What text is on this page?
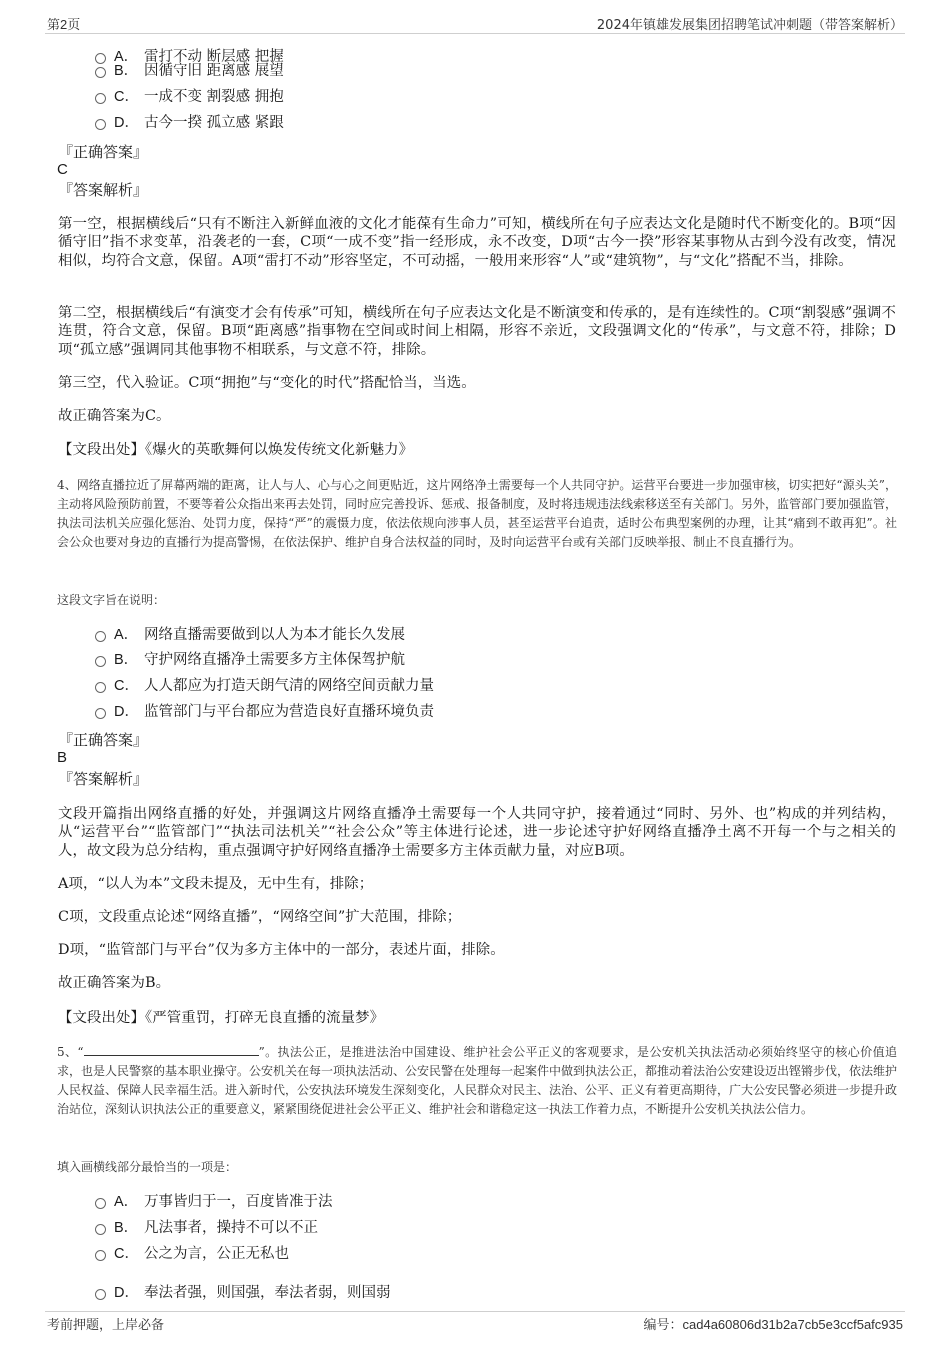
第2页	2024年镇雄发展集团招聘笔试冲刺题（带答案解析）
A． 雷打不动 断层感 把握
B． 因循守旧 距离感 展望
C． 一成不变 割裂感 拥抱
D． 古今一揆 孤立感 紧跟
『正确答案』
C
『答案解析』
第一空，根据横线后“只有不断注入新鲜血液的文化才能葆有生命力”可知，横线所在句子应表达文化是随时代不断变化的。B项“因循守旧”指不求变革，沿袭老的一套，C项“一成不变”指一经形成，永不改变，D项“古今一揆”形容某事物从古到今没有改变，情况相似，均符合文意，保留。A项“雷打不动”形容坚定，不可动摇，一般用来形容“人”或“建筑物”，与“文化”搭配不当，排除。
第二空，根据横线后“有演变才会有传承”可知，横线所在句子应表达文化是不断演变和传承的，是有连续性的。C项“割裂感”强调不连贯，符合文意，保留。B项“距离感”指事物在空间或时间上相隔，形容不亲近，文段强调文化的“传承”，与文意不符，排除；D项“孤立感”强调同其他事物不相联系，与文意不符，排除。
第三空，代入验证。C项“拥抱”与“变化的时代”搭配恰当，当选。
故正确答案为C。
【文段出处】《爆火的英歌舞何以焕发传统文化新魅力》
4、网络直播拉近了屏幕两端的距离，让人与人、心与心之间更贴近，这片网络净土需要每一个人共同守护。运营平台要进一步加强审核，切实把好“源头关”，主动将风险预防前置，不要等着公众指出来再去处罚，同时应完善投诉、惩戒、报备制度，及时将违规违法线索移送至有关部门。另外，监管部门要加强监管，执法司法机关应强化惩治、处罚力度，保持“严”的震慑力度，依法依规向涉事人员，甚至运营平台追责，适时公布典型案例的办理，让其“痛到不敢再犯”。社会公众也要对身边的直播行为提高警惕，在依法保护、维护自身合法权益的同时，及时向运营平台或有关部门反映举报、制止不良直播行为。
这段文字旨在说明：
A． 网络直播需要做到以人为本才能长久发展
B． 守护网络直播净土需要多方主体保驾护航
C． 人人都应为打造天朗气清的网络空间贡献力量
D． 监管部门与平台都应为营造良好直播环境负责
『正确答案』
B
『答案解析』
文段开篇指出网络直播的好处，并强调这片网络直播净土需要每一个人共同守护，接着通过“同时、另外、也”构成的并列结构，从“运营平台”“监管部门”“执法司法机关”“社会公众”等主体进行论述，进一步论述守护好网络直播净土离不开每一个与之相关的人，故文段为总分结构，重点强调守护好网络直播净土需要多方主体贡献力量，对应B项。
A项，“以人为本”文段未提及，无中生有，排除；
C项，文段重点论述“网络直播”，“网络空间”扩大范围，排除；
D项，“监管部门与平台”仅为多方主体中的一部分，表述片面，排除。
故正确答案为B。
【文段出处】《严管重罚，打碎无良直播的流量梦》
5、“	”。执法公正，是推进法治中国建设、维护社会公平正义的客观要求，是公安机关执法活动必须始终坚守的核心价值追求，也是人民警察的基本职业操守。公安机关在每一项执法活动、公安民警在处理每一起案件中做到执法公正，都推动着法治公安建设迈出铿锵步伐，依法维护人民权益、保障人民幸福生活。进入新时代，公安执法环境发生深刻变化，人民群众对民主、法治、公平、正义有着更高期待，广大公安民警必须进一步提升政治站位，深刻认识执法公正的重要意义，紧紧围绕促进社会公平正义、维护社会和谐稳定这一执法工作着力点，不断提升公安机关执法公信力。
填入画横线部分最恰当的一项是：
A． 万事皆归于一，百度皆准于法
B． 凡法事者，操持不可以不正
C． 公之为言，公正无私也
D． 奉法者强，则国强，奉法者弱，则国弱
考前押题，上岸必备	编号：cad4a60806d31b2a7cb5e3ccf5afc935
